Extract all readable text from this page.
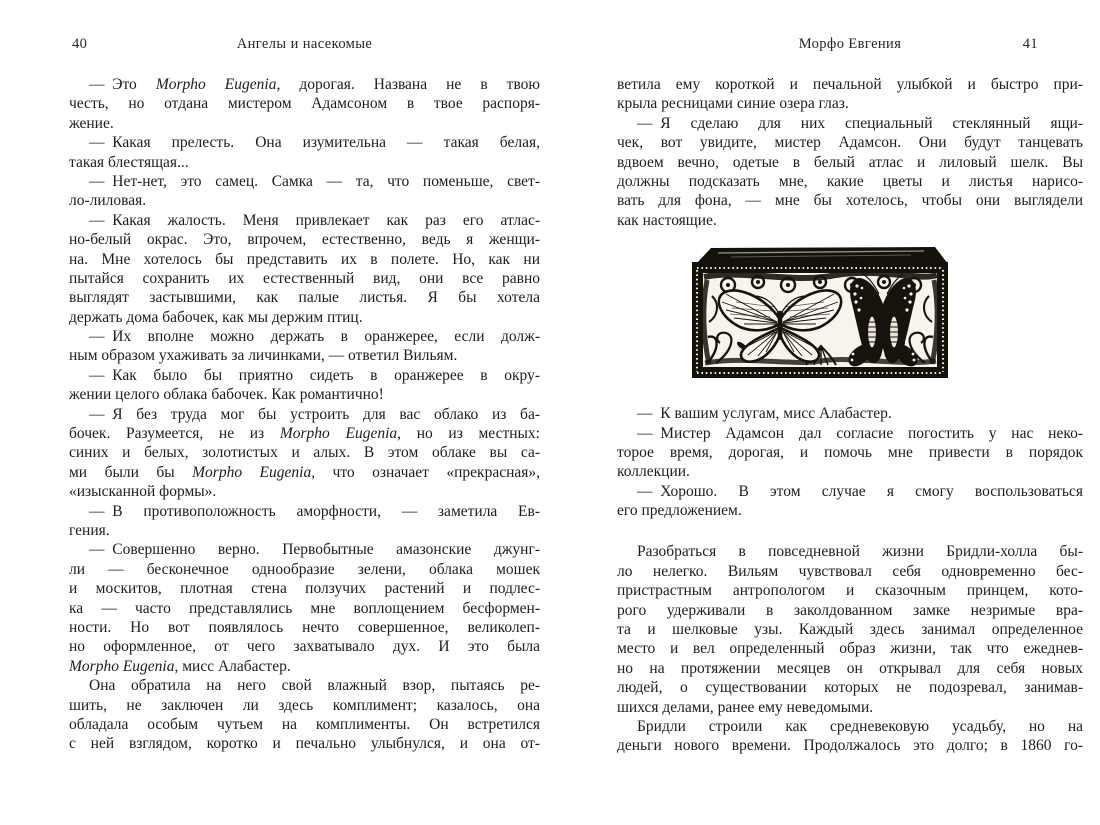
40	Ангелы и насекомые	Морфо Евгения	41
— Это Morpho Eugenia, дорогая. Названа не в твою
честь, но отдана мистером Адамсоном в твое распоря-
жение.
— Какая прелесть. Она изумительна — такая белая,
такая блестящая...
— Нет-нет, это самец. Самка — та, что поменьше, свет-
ло-лиловая.
— Какая жалость. Меня привлекает как раз его атлас-
но-белый окрас. Это, впрочем, естественно, ведь я женщи-
на. Мне хотелось бы представить их в полете. Но, как ни
пытайся сохранить их естественный вид, они все равно
выглядят застывшими, как палые листья. Я бы хотела
держать дома бабочек, как мы держим птиц.
— Их вполне можно держать в оранжерее, если долж-
ным образом ухаживать за личинками, — ответил Вильям.
— Как было бы приятно сидеть в оранжерее в окру-
жении целого облака бабочек. Как романтично!
— Я без труда мог бы устроить для вас облако из ба-
бочек. Разумеется, не из Morpho Eugenia, но из местных:
синих и белых, золотистых и алых. В этом облаке вы са-
ми были бы Morpho Eugenia, что означает «прекрасная»,
«изысканной формы».
— В противоположность аморфности, — заметила Ев-
гения.
— Совершенно верно. Первобытные амазонские джунг-
ли — бесконечное однообразие зелени, облака мошек
и москитов, плотная стена ползучих растений и подлес-
ка — часто представлялись мне воплощением бесформен-
ности. Но вот появлялось нечто совершенное, великолеп-
но оформленное, от чего захватывало дух. И это была
Morpho Eugenia, мисс Алабастер.
Она обратила на него свой влажный взор, пытаясь ре-
шить, не заключен ли здесь комплимент; казалось, она
обладала особым чутьем на комплименты. Он встретился
с ней взглядом, коротко и печально улыбнулся, и она от-
ветила ему короткой и печальной улыбкой и быстро при-
крыла ресницами синие озера глаз.
— Я сделаю для них специальный стеклянный ящи-
чек, вот увидите, мистер Адамсон. Они будут танцевать
вдвоем вечно, одетые в белый атлас и лиловый шелк. Вы
должны подсказать мне, какие цветы и листья нарисо-
вать для фона, — мне бы хотелось, чтобы они выглядели
как настоящие.
— К вашим услугам, мисс Алабастер.
— Мистер Адамсон дал согласие погостить у нас неко-
торое время, дорогая, и помочь мне привести в порядок
коллекции.
— Хорошо. В этом случае я смогу воспользоваться
его предложением.
Разобраться в повседневной жизни Бридли-холла бы-
ло нелегко. Вильям чувствовал себя одновременно бес-
пристрастным антропологом и сказочным принцем, кото-
рого удерживали в заколдованном замке незримые вра-
та и шелковые узы. Каждый здесь занимал определенное
место и вел определенный образ жизни, так что ежеднев-
но на протяжении месяцев он открывал для себя новых
людей, о существовании которых не подозревал, занимав-
шихся делами, ранее ему неведомыми.
Бридли строили как средневековую усадьбу, но на
деньги нового времени. Продолжалось это долго; в 1860 го-
